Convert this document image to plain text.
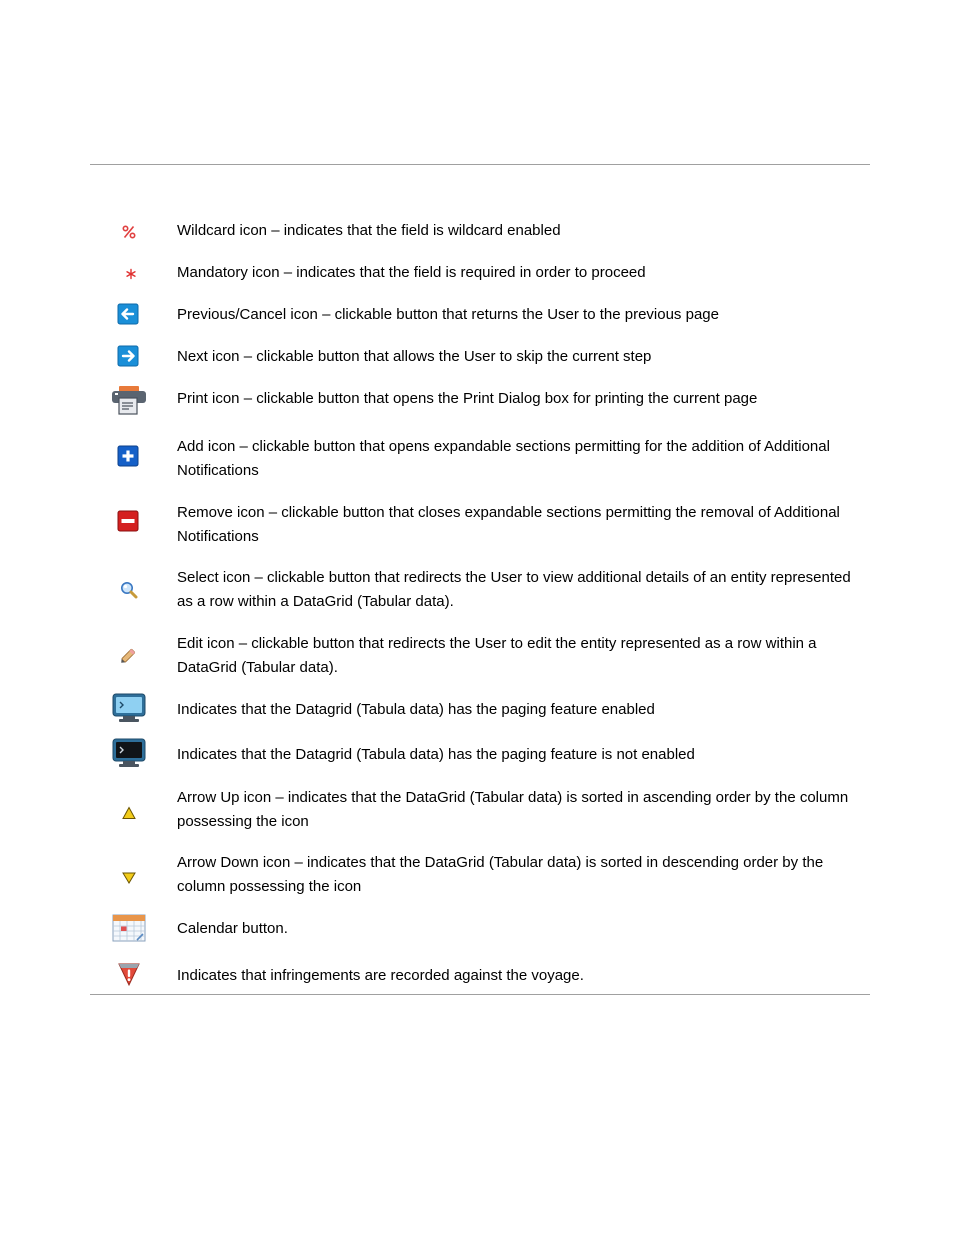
Wildcard icon – indicates that the field is wildcard enabled

Mandatory icon – indicates that the field is required in order to proceed

Previous/Cancel icon – clickable button that returns the User to the previous page

Next icon – clickable button that allows the User to skip the current step

Print icon – clickable button that opens the Print Dialog box for printing the current page

Add icon – clickable button that opens expandable sections permitting for the addition of Additional Notifications

Remove icon – clickable button that closes expandable sections permitting the removal of Additional Notifications

Select icon – clickable button that redirects the User to view additional details of an entity represented as a row within a DataGrid (Tabular data).

Edit icon – clickable button that redirects the User to edit the entity represented as a row within a DataGrid (Tabular data).

Indicates that the Datagrid (Tabula data) has the paging feature enabled

Indicates that the Datagrid (Tabula data) has the paging feature is not enabled

Arrow Up icon – indicates that the DataGrid (Tabular data) is sorted in ascending order by the column possessing the icon

Arrow Down icon – indicates that the DataGrid (Tabular data) is sorted in descending order by the column possessing the icon

Calendar button.

Indicates that infringements are recorded against the voyage.
